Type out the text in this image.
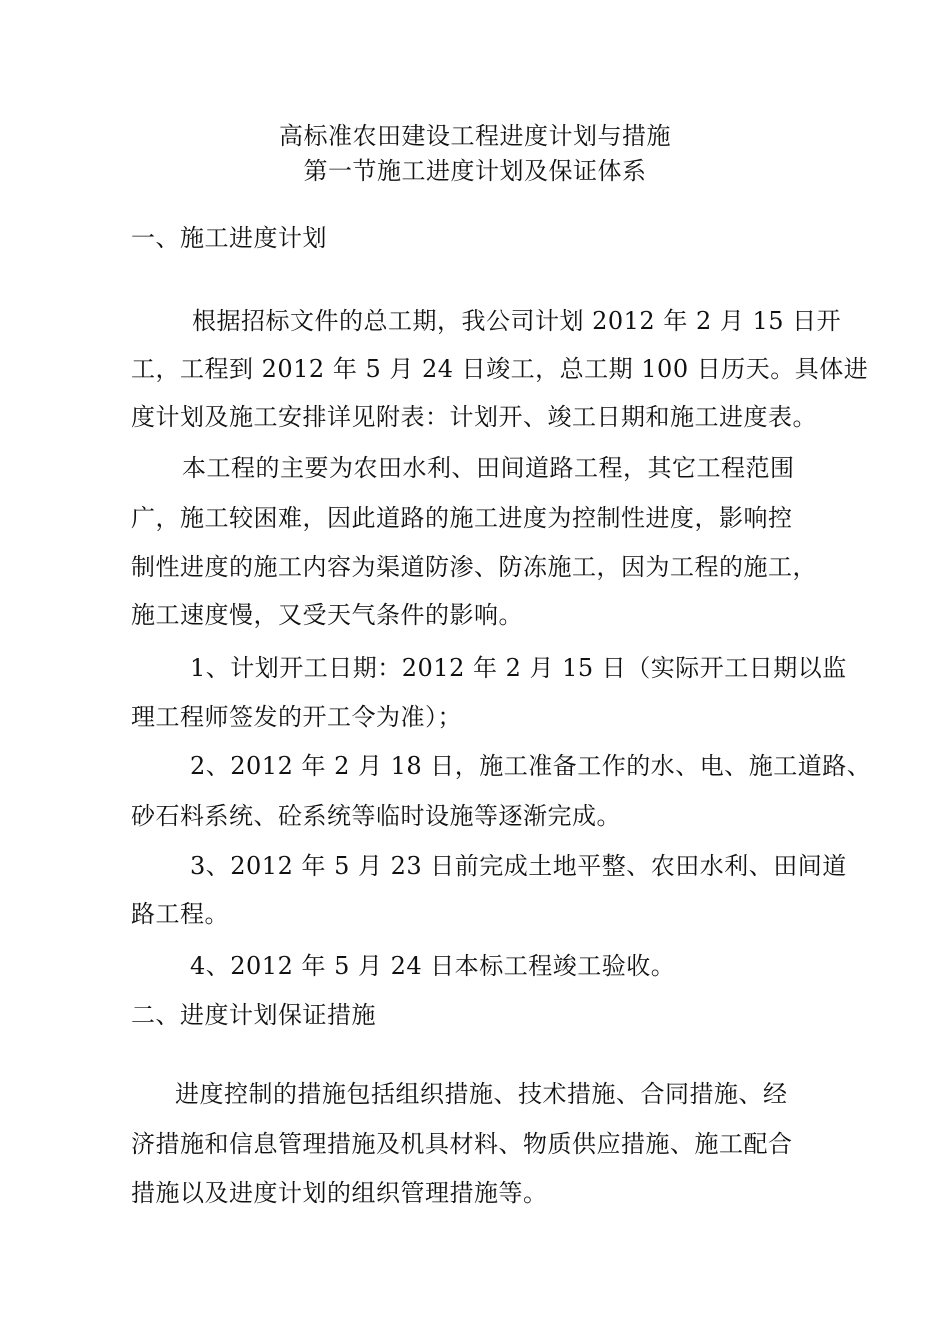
高标准农田建设工程进度计划与措施
第一节施工进度计划及保证体系
一、施工进度计划
根据招标文件的总工期，我公司计划 2012 年 2 月 15 日开
工，工程到 2012 年 5 月 24 日竣工，总工期 100 日历天。具体进
度计划及施工安排详见附表：计划开、竣工日期和施工进度表。
本工程的主要为农田水利、田间道路工程，其它工程范围
广，施工较困难，因此道路的施工进度为控制性进度，影响控
制性进度的施工内容为渠道防渗、防冻施工，因为工程的施工，
施工速度慢，又受天气条件的影响。
1、计划开工日期：2012 年 2 月 15 日（实际开工日期以监
理工程师签发的开工令为准）；
2、2012 年 2 月 18 日，施工准备工作的水、电、施工道路、
砂石料系统、砼系统等临时设施等逐渐完成。
3、2012 年 5 月 23 日前完成土地平整、农田水利、田间道
路工程。
4、2012 年 5 月 24 日本标工程竣工验收。
二、进度计划保证措施
进度控制的措施包括组织措施、技术措施、合同措施、经
济措施和信息管理措施及机具材料、物质供应措施、施工配合
措施以及进度计划的组织管理措施等。
